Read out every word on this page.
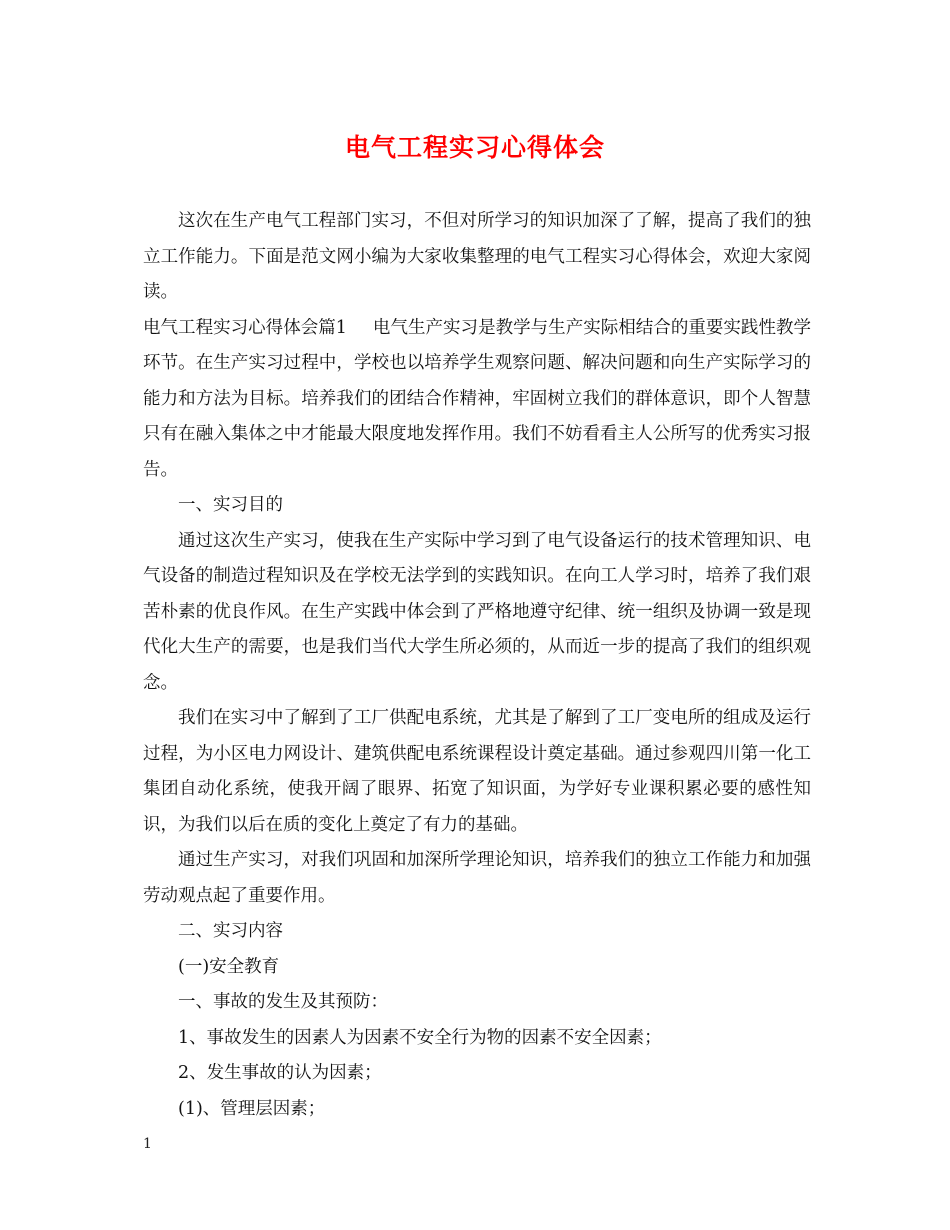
电气工程实习心得体会

这次在生产电气工程部门实习，不但对所学习的知识加深了了解，提高了我们的独立工作能力。下面是范文网小编为大家收集整理的电气工程实习心得体会，欢迎大家阅读。

电气工程实习心得体会篇1 电气生产实习是教学与生产实际相结合的重要实践性教学环节。在生产实习过程中，学校也以培养学生观察问题、解决问题和向生产实际学习的能力和方法为目标。培养我们的团结合作精神，牢固树立我们的群体意识，即个人智慧只有在融入集体之中才能最大限度地发挥作用。我们不妨看看主人公所写的优秀实习报告。

一、实习目的

通过这次生产实习，使我在生产实际中学习到了电气设备运行的技术管理知识、电气设备的制造过程知识及在学校无法学到的实践知识。在向工人学习时，培养了我们艰苦朴素的优良作风。在生产实践中体会到了严格地遵守纪律、统一组织及协调一致是现代化大生产的需要，也是我们当代大学生所必须的，从而近一步的提高了我们的组织观念。

我们在实习中了解到了工厂供配电系统，尤其是了解到了工厂变电所的组成及运行过程，为小区电力网设计、建筑供配电系统课程设计奠定基础。通过参观四川第一化工集团自动化系统，使我开阔了眼界、拓宽了知识面，为学好专业课积累必要的感性知识，为我们以后在质的变化上奠定了有力的基础。

通过生产实习，对我们巩固和加深所学理论知识，培养我们的独立工作能力和加强劳动观点起了重要作用。

二、实习内容

(一)安全教育

一、事故的发生及其预防：

1、事故发生的因素人为因素不安全行为物的因素不安全因素；

2、发生事故的认为因素；

(1)、管理层因素；

1
